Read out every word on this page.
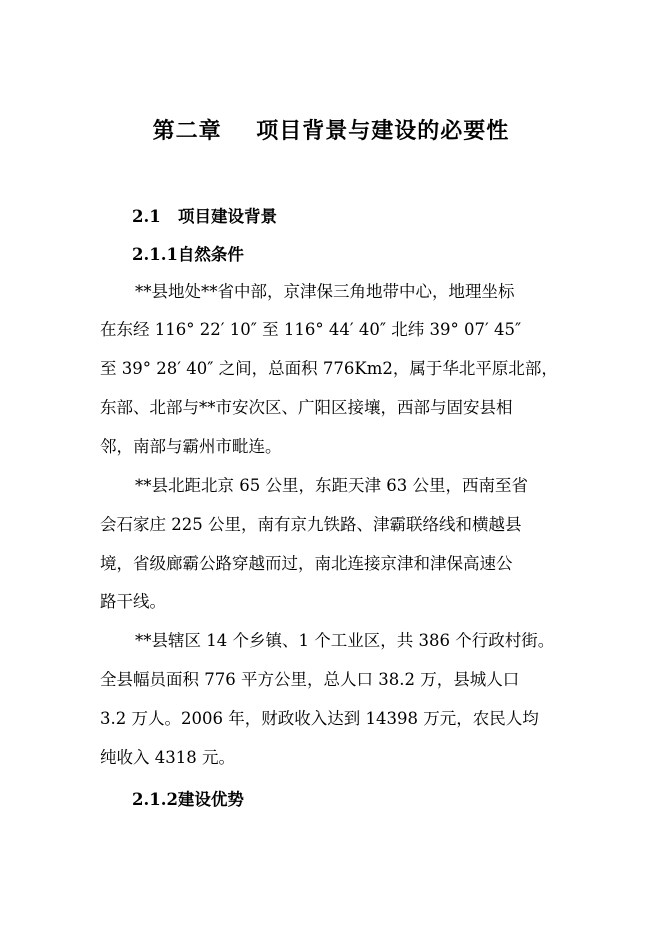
第二章    项目背景与建设的必要性
2.1   项目建设背景
2.1.1自然条件

**县地处**省中部，京津保三角地带中心，地理坐标

在东经 116° 22′ 10″ 至 116° 44′ 40″ 北纬 39° 07′ 45″

至 39° 28′ 40″ 之间，总面积 776Km2，属于华北平原北部，

东部、北部与**市安次区、广阳区接壤，西部与固安县相

邻，南部与霸州市毗连。

**县北距北京 65 公里，东距天津 63 公里，西南至省

会石家庄 225 公里，南有京九铁路、津霸联络线和横越县

境，省级廊霸公路穿越而过，南北连接京津和津保高速公

路干线。

**县辖区 14 个乡镇、1 个工业区，共 386 个行政村街。

全县幅员面积 776 平方公里，总人口 38.2 万，县城人口

3.2 万人。2006 年，财政收入达到 14398 万元，农民人均

纯收入 4318 元。

2.1.2建设优势
